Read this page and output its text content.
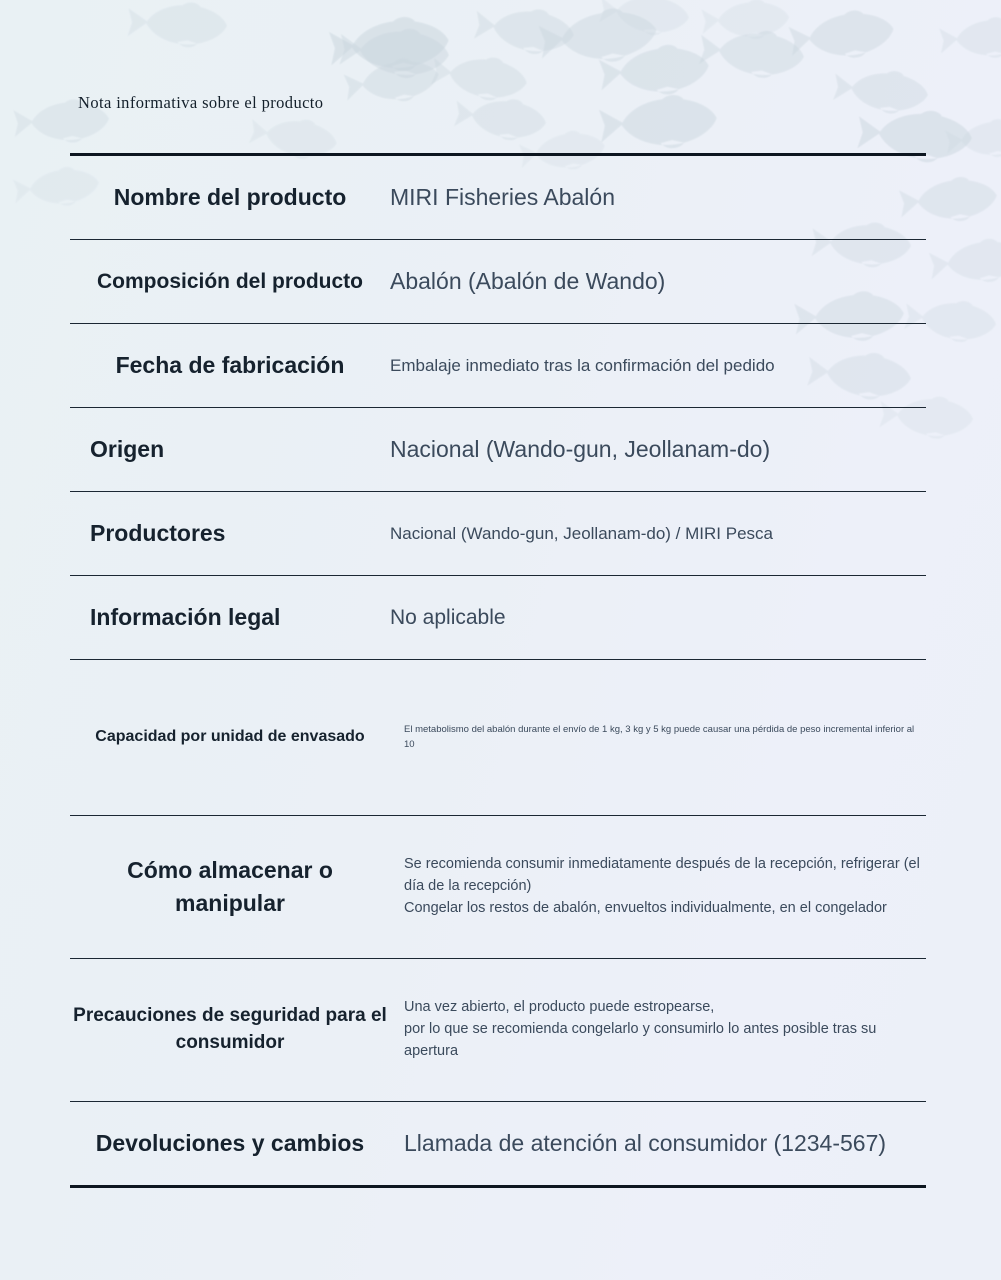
Nota informativa sobre el producto
Nombre del producto	MIRI Fisheries Abalón

Composición del producto	Abalón (Abalón de Wando)

Fecha de fabricación	Embalaje inmediato tras la confirmación del pedido

Origen	Nacional (Wando-gun, Jeollanam-do)

Productores	Nacional (Wando-gun, Jeollanam-do) / MIRI Pesca

Información legal	No aplicable

Capacidad por unidad de envasado	El metabolismo del abalón durante el envío de 1 kg, 3 kg y 5 kg puede causar una pérdida de peso incremental inferior al 10

Cómo almacenar o manipular	Se recomienda consumir inmediatamente después de la recepción, refrigerar (el día de la recepción)
Congelar los restos de abalón, envueltos individualmente, en el congelador

Precauciones de seguridad para el consumidor	Una vez abierto, el producto puede estropearse,
por lo que se recomienda congelarlo y consumirlo lo antes posible tras su apertura

Devoluciones y cambios	Llamada de atención al consumidor (1234-567)
